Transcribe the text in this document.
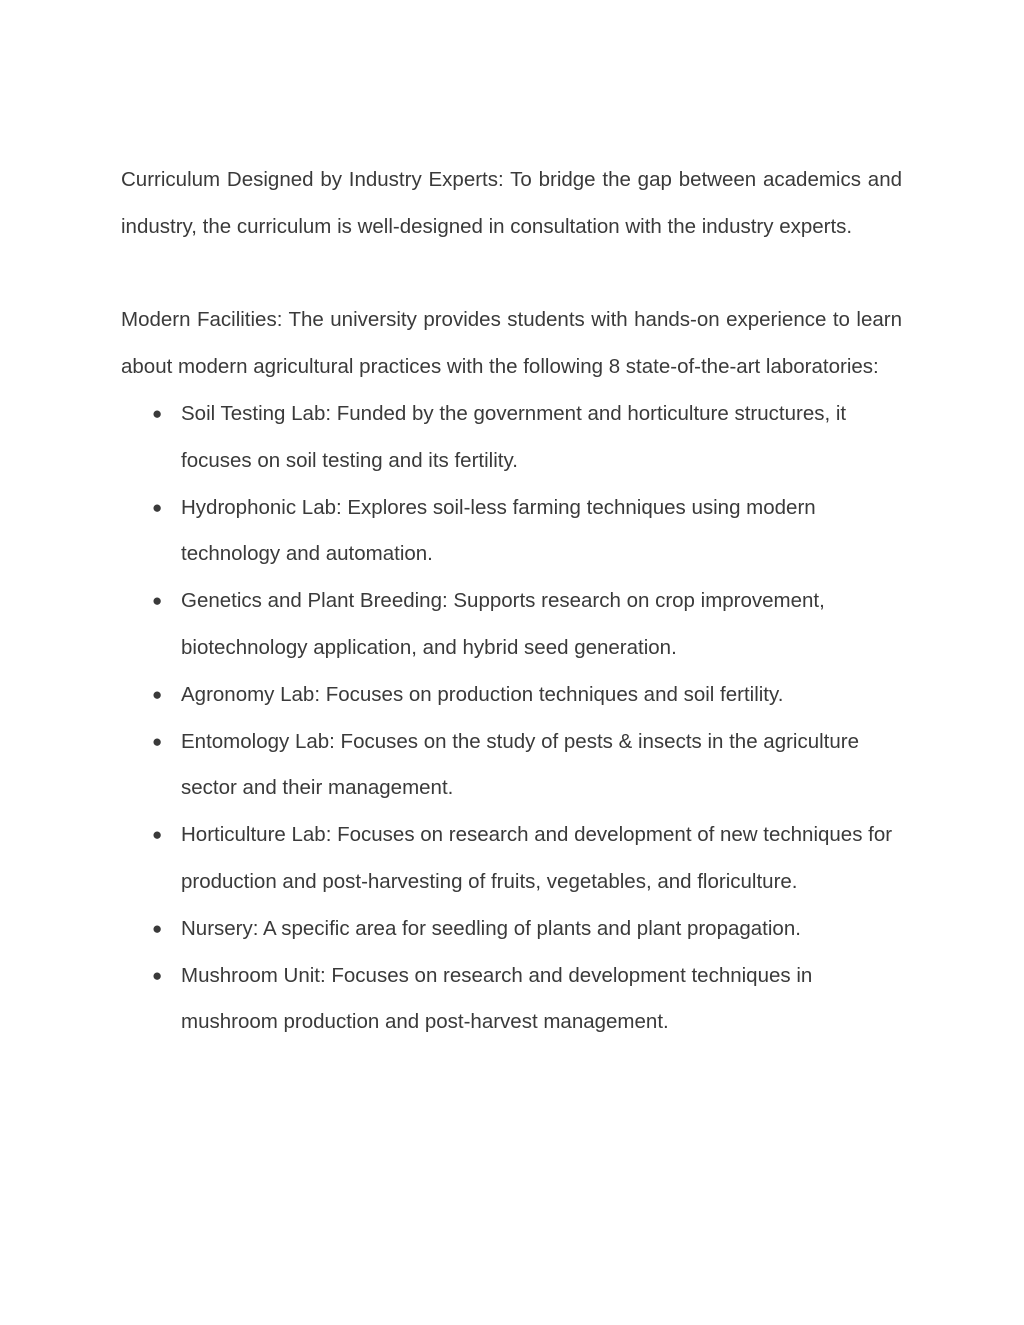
Curriculum Designed by Industry Experts: To bridge the gap between academics and industry, the curriculum is well-designed in consultation with the industry experts.

Modern Facilities: The university provides students with hands-on experience to learn about modern agricultural practices with the following 8 state-of-the-art laboratories:

● Soil Testing Lab: Funded by the government and horticulture structures, it focuses on soil testing and its fertility.
● Hydrophonic Lab: Explores soil-less farming techniques using modern technology and automation.
● Genetics and Plant Breeding: Supports research on crop improvement, biotechnology application, and hybrid seed generation.
● Agronomy Lab: Focuses on production techniques and soil fertility.
● Entomology Lab: Focuses on the study of pests & insects in the agriculture sector and their management.
● Horticulture Lab: Focuses on research and development of new techniques for production and post-harvesting of fruits, vegetables, and floriculture.
● Nursery: A specific area for seedling of plants and plant propagation.
● Mushroom Unit: Focuses on research and development techniques in mushroom production and post-harvest management.
